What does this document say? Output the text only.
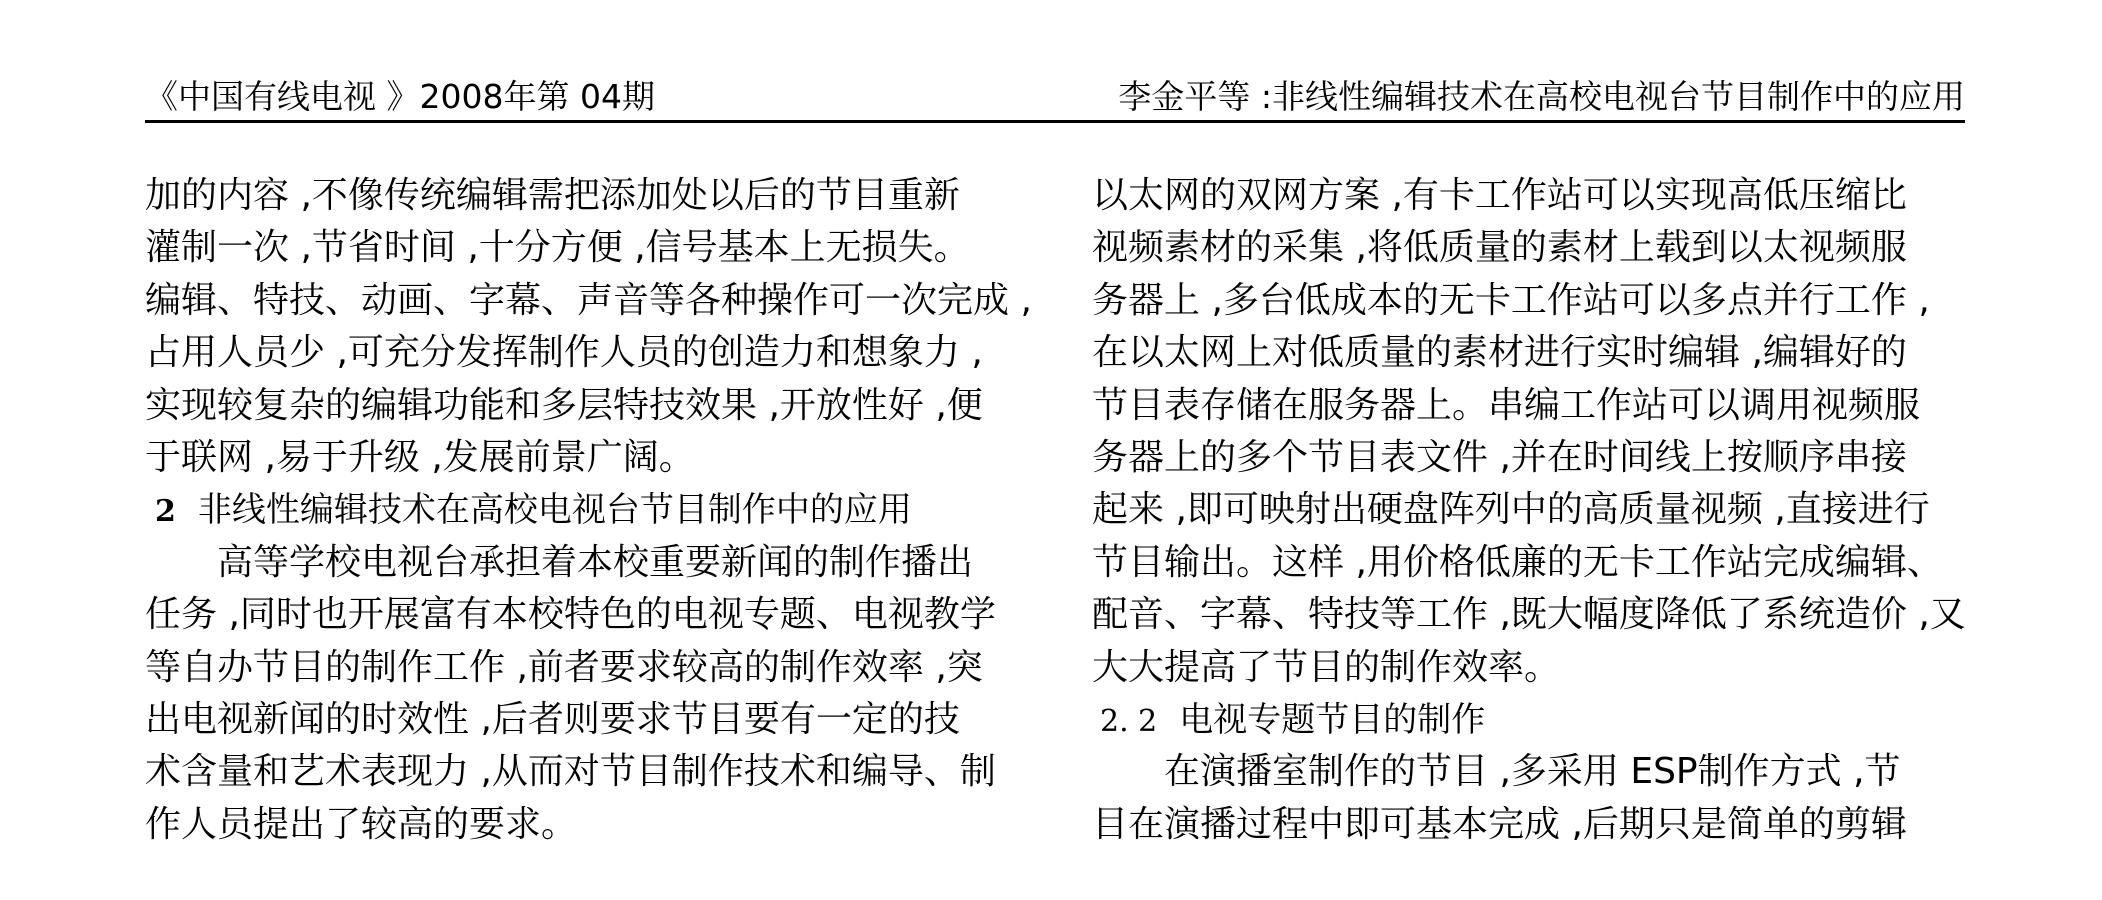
《中国有线电视 》2008年第 04期	李金平等 :非线性编辑技术在高校电视台节目制作中的应用
加的内容 ,不像传统编辑需把添加处以后的节目重新
灌制一次 ,节省时间 ,十分方便 ,信号基本上无损失。
编辑、特技、动画、字幕、声音等各种操作可一次完成 ,
占用人员少 ,可充分发挥制作人员的创造力和想象力 ,
实现较复杂的编辑功能和多层特技效果 ,开放性好 ,便
于联网 ,易于升级 ,发展前景广阔。
2 非线性编辑技术在高校电视台节目制作中的应用
　　高等学校电视台承担着本校重要新闻的制作播出
任务 ,同时也开展富有本校特色的电视专题、电视教学
等自办节目的制作工作 ,前者要求较高的制作效率 ,突
出电视新闻的时效性 ,后者则要求节目要有一定的技
术含量和艺术表现力 ,从而对节目制作技术和编导、制
作人员提出了较高的要求。
以太网的双网方案 ,有卡工作站可以实现高低压缩比
视频素材的采集 ,将低质量的素材上载到以太视频服
务器上 ,多台低成本的无卡工作站可以多点并行工作 ,
在以太网上对低质量的素材进行实时编辑 ,编辑好的
节目表存储在服务器上。串编工作站可以调用视频服
务器上的多个节目表文件 ,并在时间线上按顺序串接
起来 ,即可映射出硬盘阵列中的高质量视频 ,直接进行
节目输出。这样 ,用价格低廉的无卡工作站完成编辑、
配音、字幕、特技等工作 ,既大幅度降低了系统造价 ,又
大大提高了节目的制作效率。
2. 2 电视专题节目的制作
　　在演播室制作的节目 ,多采用 ESP制作方式 ,节
目在演播过程中即可基本完成 ,后期只是简单的剪辑
